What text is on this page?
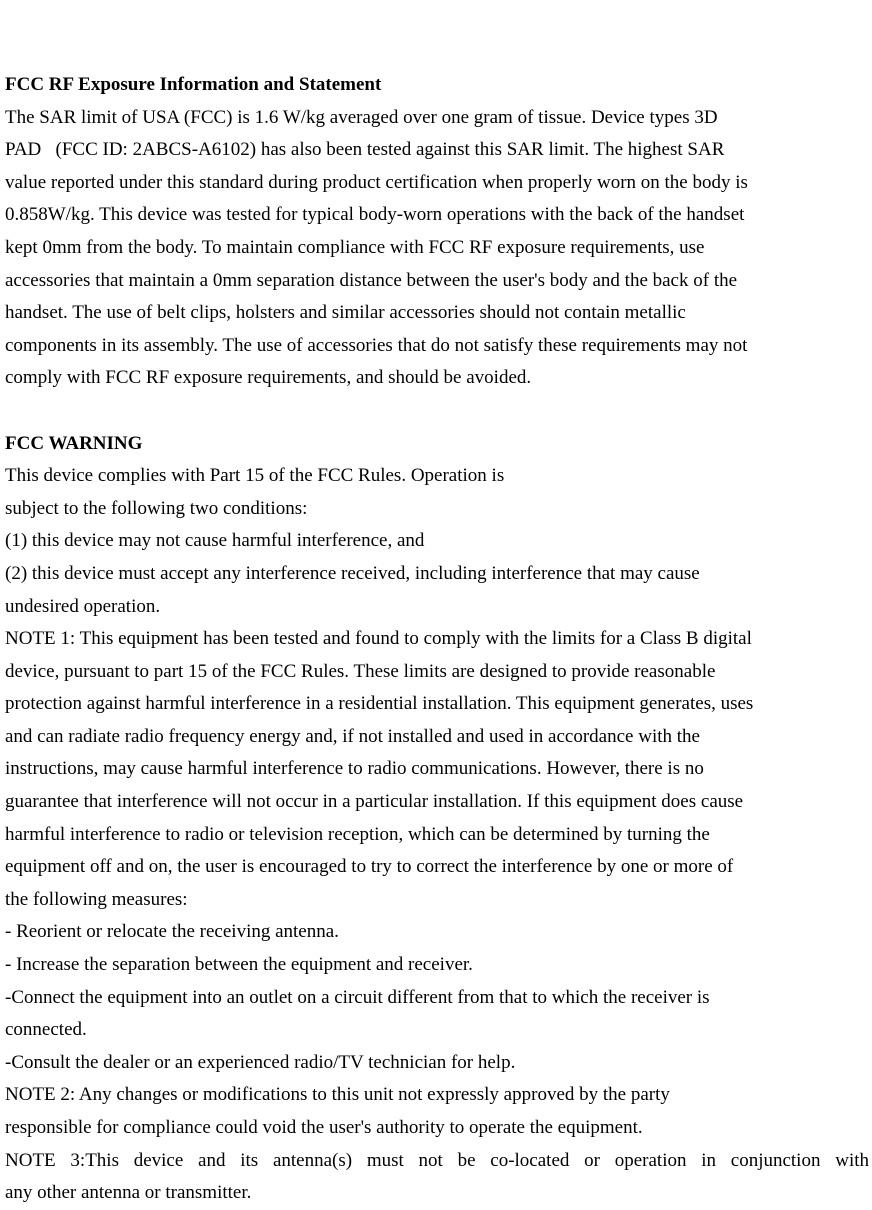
FCC RF Exposure Information and Statement
The SAR limit of USA (FCC) is 1.6 W/kg averaged over one gram of tissue. Device types 3D
PAD   (FCC ID: 2ABCS-A6102) has also been tested against this SAR limit. The highest SAR
value reported under this standard during product certification when properly worn on the body is
0.858W/kg. This device was tested for typical body-worn operations with the back of the handset
kept 0mm from the body. To maintain compliance with FCC RF exposure requirements, use
accessories that maintain a 0mm separation distance between the user's body and the back of the
handset. The use of belt clips, holsters and similar accessories should not contain metallic
components in its assembly. The use of accessories that do not satisfy these requirements may not
comply with FCC RF exposure requirements, and should be avoided.
FCC WARNING
This device complies with Part 15 of the FCC Rules. Operation is
subject to the following two conditions:
(1) this device may not cause harmful interference, and
(2) this device must accept any interference received, including interference that may cause
undesired operation.
NOTE 1: This equipment has been tested and found to comply with the limits for a Class B digital
device, pursuant to part 15 of the FCC Rules. These limits are designed to provide reasonable
protection against harmful interference in a residential installation. This equipment generates, uses
and can radiate radio frequency energy and, if not installed and used in accordance with the
instructions, may cause harmful interference to radio communications. However, there is no
guarantee that interference will not occur in a particular installation. If this equipment does cause
harmful interference to radio or television reception, which can be determined by turning the
equipment off and on, the user is encouraged to try to correct the interference by one or more of
the following measures:
- Reorient or relocate the receiving antenna.
- Increase the separation between the equipment and receiver.
-Connect the equipment into an outlet on a circuit different from that to which the receiver is
connected.
-Consult the dealer or an experienced radio/TV technician for help.
NOTE 2: Any changes or modifications to this unit not expressly approved by the party
responsible for compliance could void the user's authority to operate the equipment.
NOTE 3:This device and its antenna(s) must not be co-located or operation in conjunction with
any other antenna or transmitter.
